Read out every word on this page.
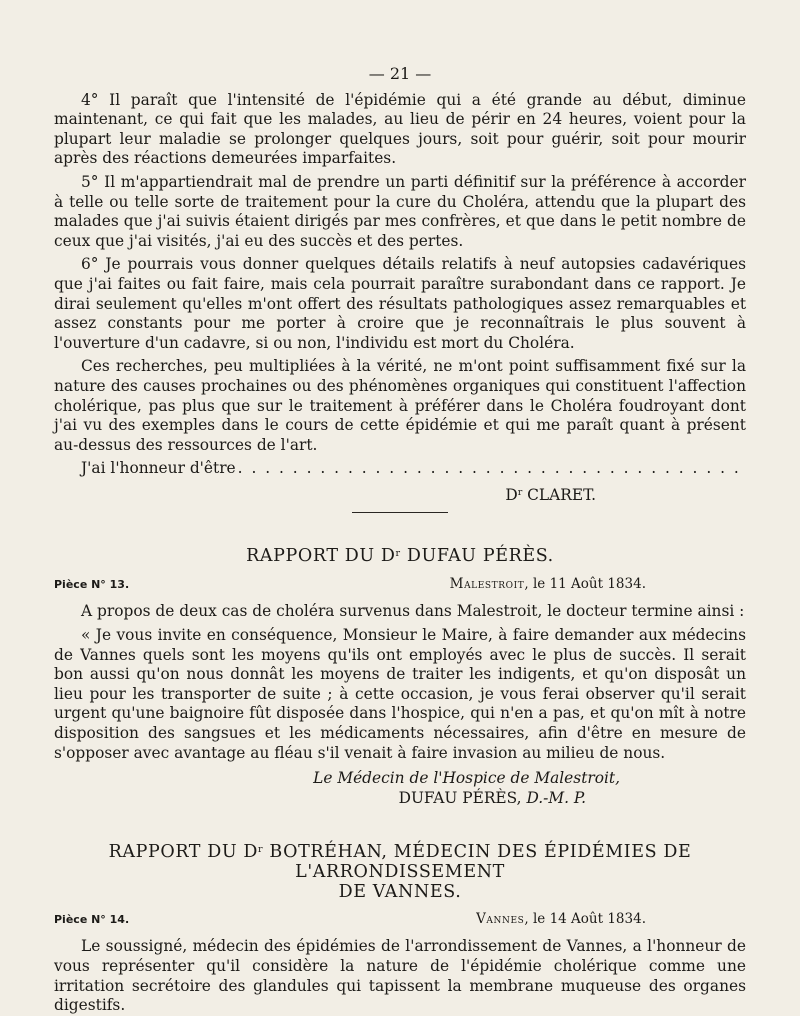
— 21 —

4° Il paraît que l'intensité de l'épidémie qui a été grande au début, diminue maintenant, ce qui fait que les malades, au lieu de périr en 24 heures, voient pour la plupart leur maladie se prolonger quelques jours, soit pour guérir, soit pour mourir après des réactions demeurées imparfaites.

5° Il m'appartiendrait mal de prendre un parti définitif sur la préférence à accorder à telle ou telle sorte de traitement pour la cure du Choléra, attendu que la plupart des malades que j'ai suivis étaient dirigés par mes confrères, et que dans le petit nombre de ceux que j'ai visités, j'ai eu des succès et des pertes.

6° Je pourrais vous donner quelques détails relatifs à neuf autopsies cadavériques que j'ai faites ou fait faire, mais cela pourrait paraître surabondant dans ce rapport. Je dirai seulement qu'elles m'ont offert des résultats pathologiques assez remarquables et assez constants pour me porter à croire que je reconnaîtrais le plus souvent à l'ouverture d'un cadavre, si ou non, l'individu est mort du Choléra.

Ces recherches, peu multipliées à la vérité, ne m'ont point suffisamment fixé sur la nature des causes prochaines ou des phénomènes organiques qui constituent l'affection cholérique, pas plus que sur le traitement à préférer dans le Choléra foudroyant dont j'ai vu des exemples dans le cours de cette épidémie et qui me paraît quant à présent au-dessus des ressources de l'art.

J'ai l'honneur d'être
. . .

$D^r$ CLARET.

RAPPORT DU $D^r$ DUFAU PÉRÈS.
Pièce N° 13.	Malestroit, le 11 Août 1834.

A propos de deux cas de choléra survenus dans Malestroit, le docteur termine ainsi :

« Je vous invite en conséquence, Monsieur le Maire, à faire demander aux médecins de Vannes quels sont les moyens qu'ils ont employés avec le plus de succès. Il serait bon aussi qu'on nous donnât les moyens de traiter les indigents, et qu'on disposât un lieu pour les transporter de suite ; à cette occasion, je vous ferai observer qu'il serait urgent qu'une baignoire fût disposée dans l'hospice, qui n'en a pas, et qu'on mît à notre disposition des sangsues et les médicaments nécessaires, afin d'être en mesure de s'opposer avec avantage au fléau s'il venait à faire invasion au milieu de nous.

Le Médecin de l'Hospice de Malestroit,

DUFAU PÉRÈS, D.-M. P.

RAPPORT DU $D^r$ BOTRÉHAN, MÉDECIN DES ÉPIDÉMIES DE L'ARRONDISSEMENT
DE VANNES.
Pièce N° 14.	Vannes, le 14 Août 1834.

Le soussigné, médecin des épidémies de l'arrondissement de Vannes, a l'honneur de vous représenter qu'il considère la nature de l'épidémie cholérique comme une irritation secrétoire des glandules qui tapissent la membrane muqueuse des organes digestifs.
